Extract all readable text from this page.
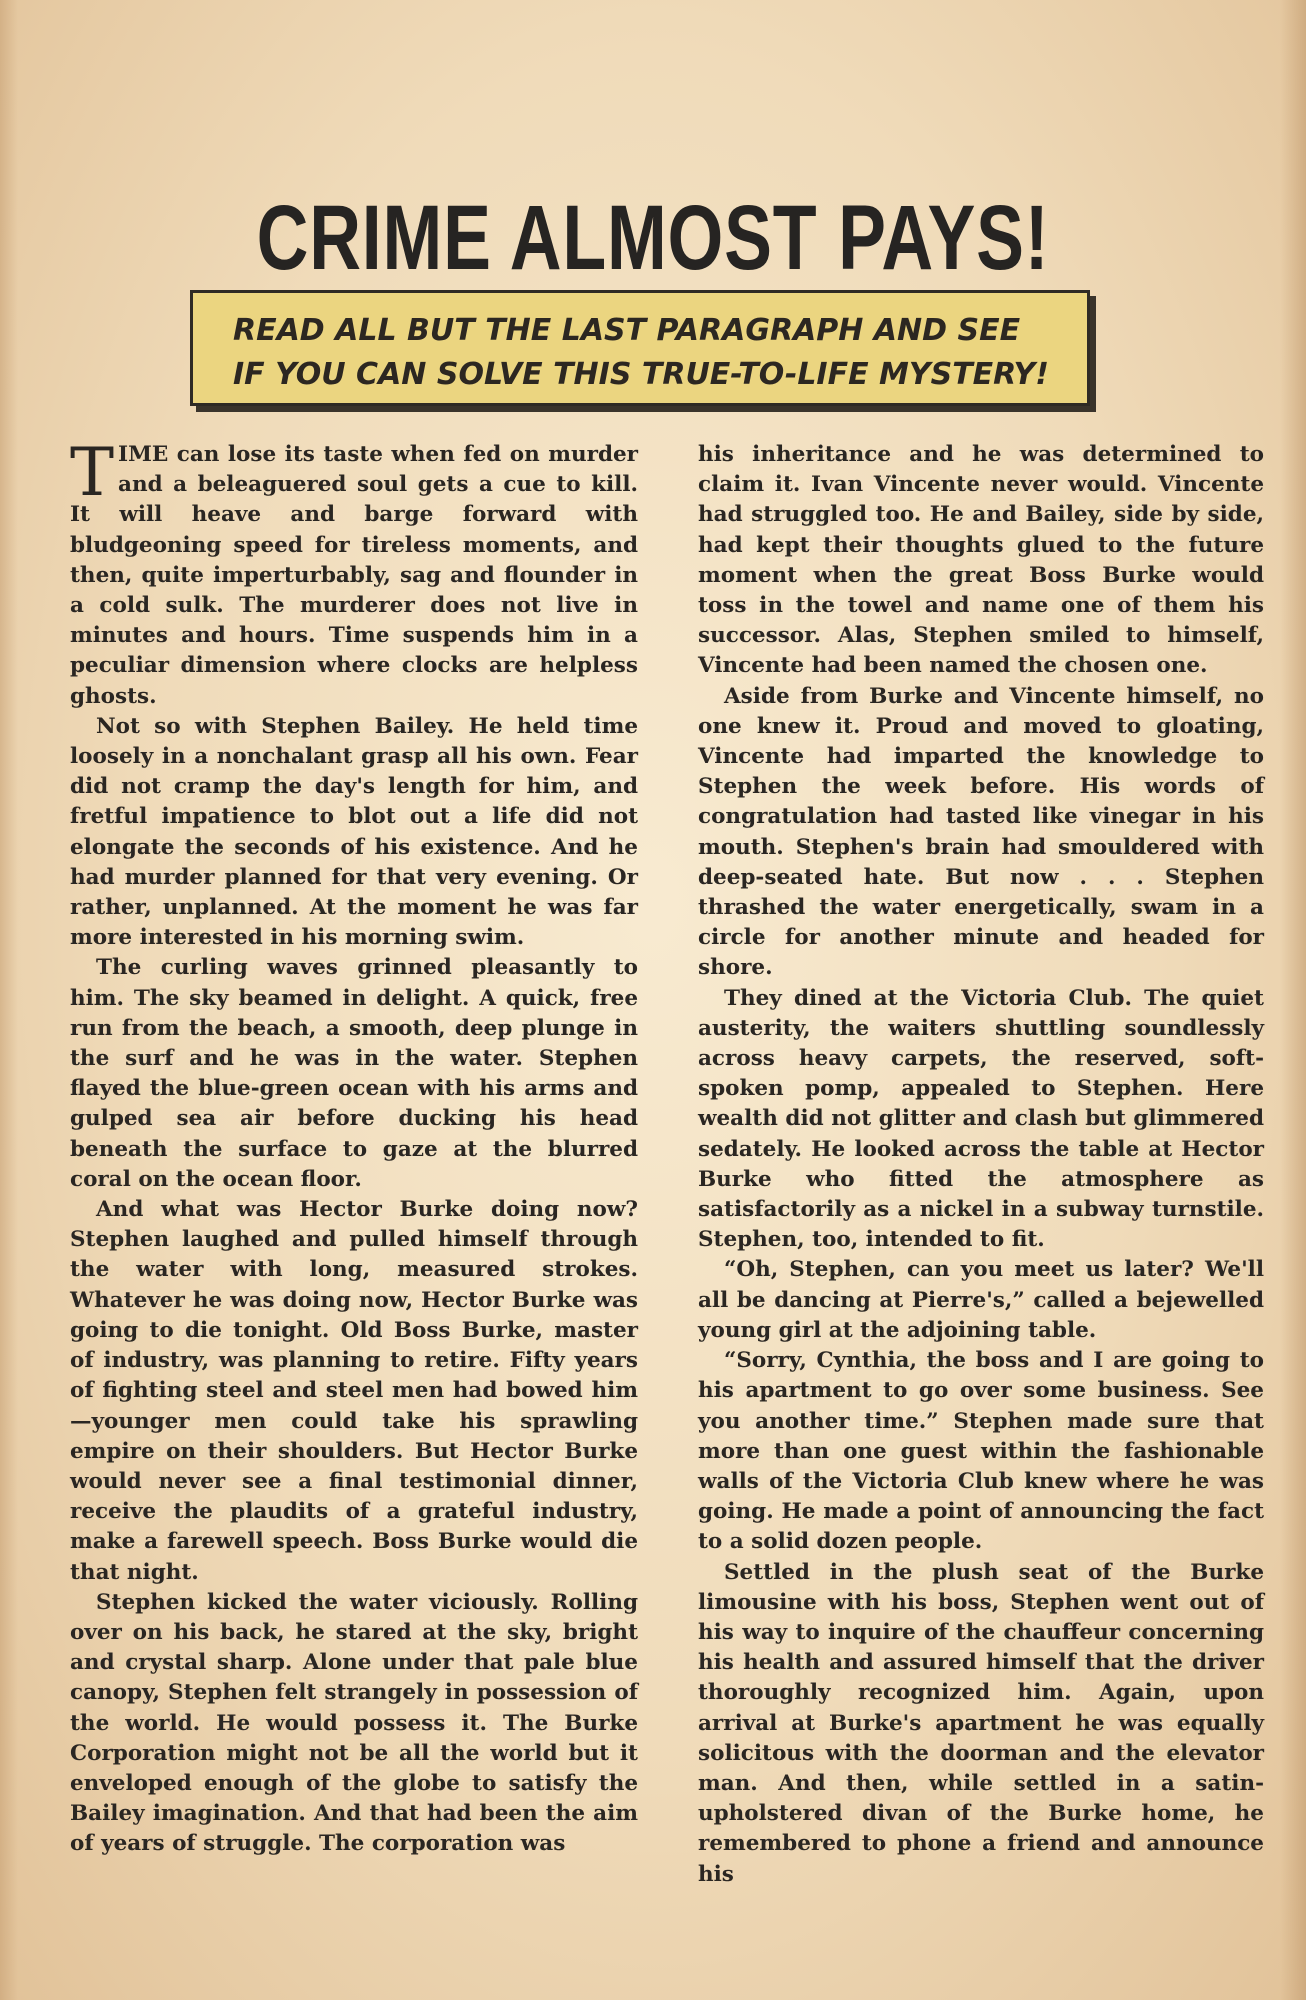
CRIME ALMOST PAYS!
READ ALL BUT THE LAST PARAGRAPH AND SEE IF YOU CAN SOLVE THIS TRUE-TO-LIFE MYSTERY!

TIME can lose its taste when fed on murder and a beleaguered soul gets a cue to kill. It will heave and barge forward with bludgeoning speed for tireless moments, and then, quite imperturbably, sag and flounder in a cold sulk. The murderer does not live in minutes and hours. Time suspends him in a peculiar dimension where clocks are helpless ghosts.

Not so with Stephen Bailey. He held time loosely in a nonchalant grasp all his own. Fear did not cramp the day's length for him, and fretful impatience to blot out a life did not elongate the seconds of his existence. And he had murder planned for that very evening. Or rather, unplanned. At the moment he was far more interested in his morning swim.

The curling waves grinned pleasantly to him. The sky beamed in delight. A quick, free run from the beach, a smooth, deep plunge in the surf and he was in the water. Stephen flayed the blue-green ocean with his arms and gulped sea air before ducking his head beneath the surface to gaze at the blurred coral on the ocean floor.

And what was Hector Burke doing now? Stephen laughed and pulled himself through the water with long, measured strokes. Whatever he was doing now, Hector Burke was going to die tonight. Old Boss Burke, master of industry, was planning to retire. Fifty years of fighting steel and steel men had bowed him —younger men could take his sprawling empire on their shoulders. But Hector Burke would never see a final testimonial dinner, receive the plaudits of a grateful industry, make a farewell speech. Boss Burke would die that night.

Stephen kicked the water viciously. Rolling over on his back, he stared at the sky, bright and crystal sharp. Alone under that pale blue canopy, Stephen felt strangely in possession of the world. He would possess it. The Burke Corporation might not be all the world but it enveloped enough of the globe to satisfy the Bailey imagination. And that had been the aim of years of struggle. The corporation was

his inheritance and he was determined to claim it. Ivan Vincente never would. Vincente had struggled too. He and Bailey, side by side, had kept their thoughts glued to the future moment when the great Boss Burke would toss in the towel and name one of them his successor. Alas, Stephen smiled to himself, Vincente had been named the chosen one.

Aside from Burke and Vincente himself, no one knew it. Proud and moved to gloating, Vincente had imparted the knowledge to Stephen the week before. His words of congratulation had tasted like vinegar in his mouth. Stephen's brain had smouldered with deep-seated hate. But now . . . Stephen thrashed the water energetically, swam in a circle for another minute and headed for shore.

They dined at the Victoria Club. The quiet austerity, the waiters shuttling soundlessly across heavy carpets, the reserved, soft-spoken pomp, appealed to Stephen. Here wealth did not glitter and clash but glimmered sedately. He looked across the table at Hector Burke who fitted the atmosphere as satisfactorily as a nickel in a subway turnstile. Stephen, too, intended to fit.

“Oh, Stephen, can you meet us later? We'll all be dancing at Pierre's,” called a bejewelled young girl at the adjoining table.

“Sorry, Cynthia, the boss and I are going to his apartment to go over some business. See you another time.” Stephen made sure that more than one guest within the fashionable walls of the Victoria Club knew where he was going. He made a point of announcing the fact to a solid dozen people.

Settled in the plush seat of the Burke limousine with his boss, Stephen went out of his way to inquire of the chauffeur concerning his health and assured himself that the driver thoroughly recognized him. Again, upon arrival at Burke's apartment he was equally solicitous with the doorman and the elevator man. And then, while settled in a satin-upholstered divan of the Burke home, he remembered to phone a friend and announce his
